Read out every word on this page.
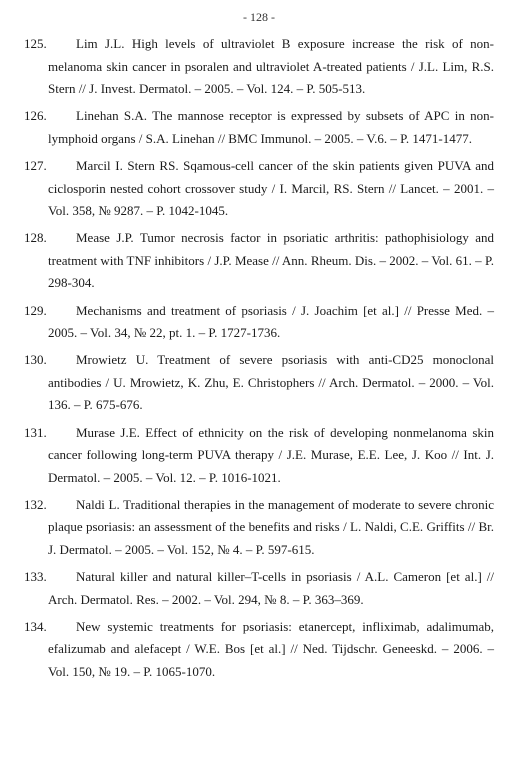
- 128 -
125. Lim J.L. High levels of ultraviolet B exposure increase the risk of non-melanoma skin cancer in psoralen and ultraviolet A-treated patients / J.L. Lim, R.S. Stern // J. Invest. Dermatol. – 2005. – Vol. 124. – P. 505-513.
126. Linehan S.A. The mannose receptor is expressed by subsets of APC in non-lymphoid organs / S.A. Linehan // BMC Immunol. – 2005. – V.6. – P. 1471-1477.
127. Marcil I. Stern RS. Sqamous-cell cancer of the skin patients given PUVA and ciclosporin nested cohort crossover study / I. Marcil, RS. Stern // Lancet. – 2001. – Vol. 358, № 9287. – P. 1042-1045.
128. Mease J.P. Tumor necrosis factor in psoriatic arthritis: pathophisiology and treatment with TNF inhibitors / J.P. Mease // Ann. Rheum. Dis. – 2002. – Vol. 61. – P. 298-304.
129. Mechanisms and treatment of psoriasis / J. Joachim [et al.] // Presse Med. – 2005. – Vol. 34, № 22, pt. 1. – P. 1727-1736.
130. Mrowietz U. Treatment of severe psoriasis with anti-CD25 monoclonal antibodies / U. Mrowietz, K. Zhu, E. Christophers // Arch. Dermatol. – 2000. – Vol. 136. – P. 675-676.
131. Murase J.E. Effect of ethnicity on the risk of developing nonmelanoma skin cancer following long-term PUVA therapy / J.E. Murase, E.E. Lee, J. Koo // Int. J. Dermatol. – 2005. – Vol. 12. – P. 1016-1021.
132. Naldi L. Traditional therapies in the management of moderate to severe chronic plaque psoriasis: an assessment of the benefits and risks / L. Naldi, C.E. Griffits // Br. J. Dermatol. – 2005. – Vol. 152, № 4. – P. 597-615.
133. Natural killer and natural killer–T-cells in psoriasis / A.L. Cameron [et al.] // Arch. Dermatol. Res. – 2002. – Vol. 294, № 8. – P. 363–369.
134. New systemic treatments for psoriasis: etanercept, infliximab, adalimumab, efalizumab and alefacept / W.E. Bos [et al.] // Ned. Tijdschr. Geneeskd. – 2006. – Vol. 150, № 19. – P. 1065-1070.
